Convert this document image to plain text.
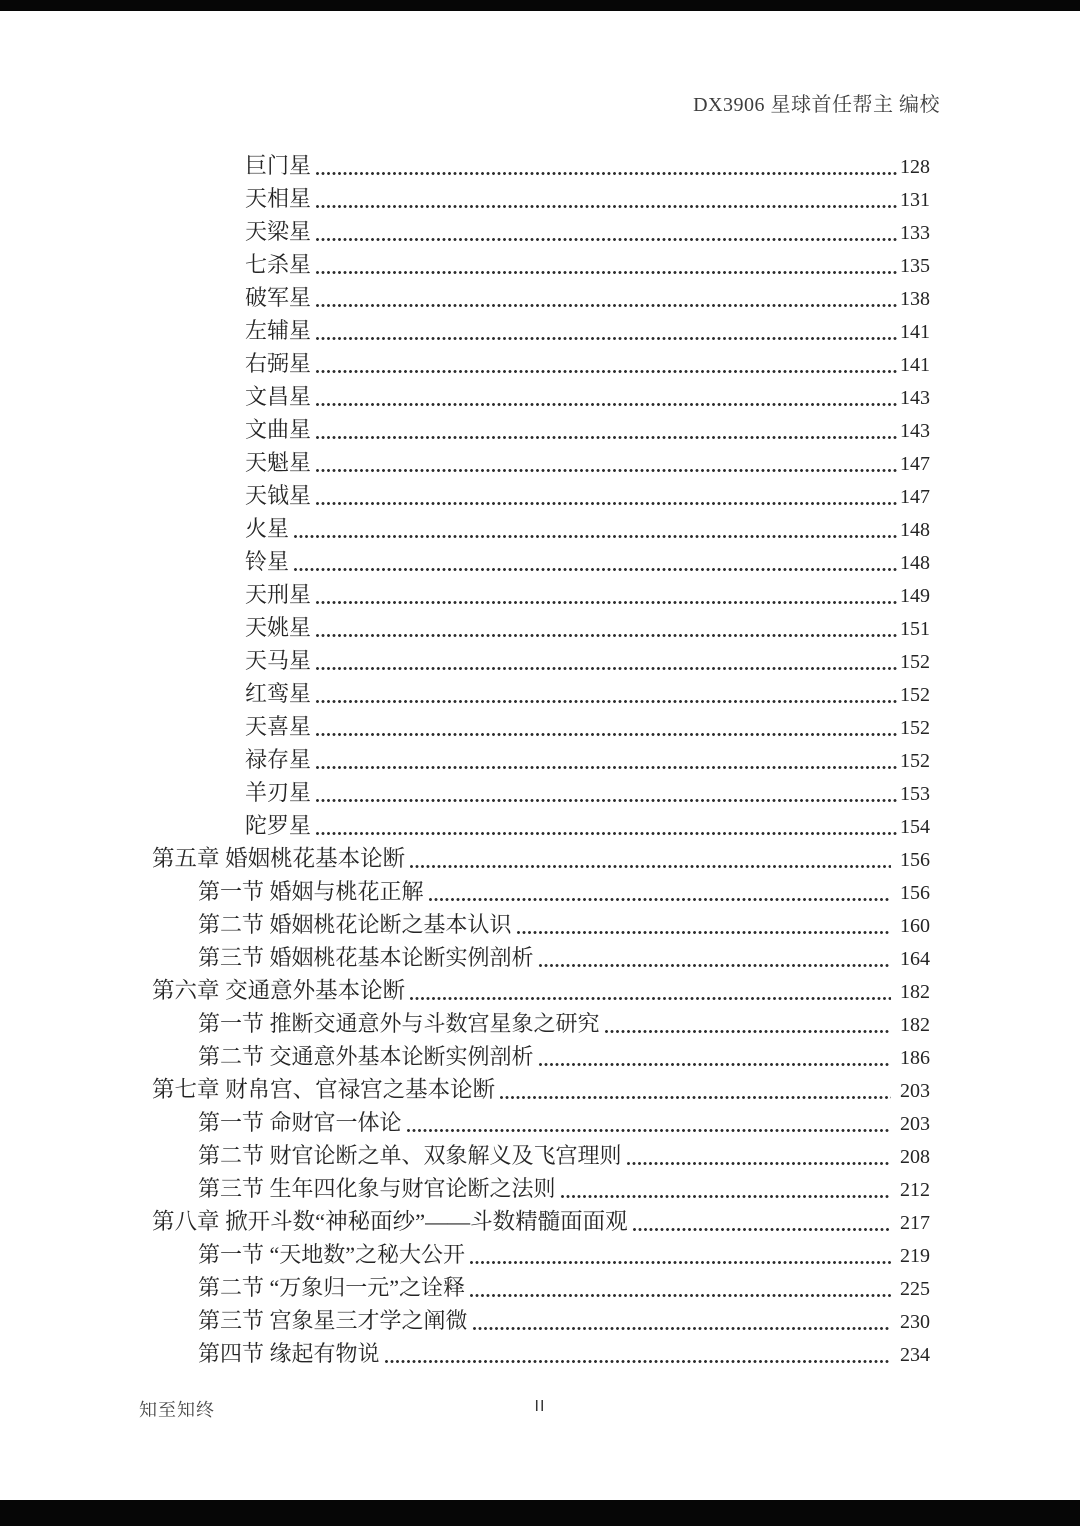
DX3906 星球首任帮主 编校
巨门星	128
天相星	131
天梁星	133
七杀星	135
破军星	138
左辅星	141
右弼星	141
文昌星	143
文曲星	143
天魁星	147
天钺星	147
火星	148
铃星	148
天刑星	149
天姚星	151
天马星	152
红鸾星	152
天喜星	152
禄存星	152
羊刃星	153
陀罗星	154
第五章 婚姻桃花基本论断	156
第一节 婚姻与桃花正解	156
第二节 婚姻桃花论断之基本认识	160
第三节 婚姻桃花基本论断实例剖析	164
第六章 交通意外基本论断	182
第一节 推断交通意外与斗数宫星象之研究	182
第二节 交通意外基本论断实例剖析	186
第七章 财帛宫、官禄宫之基本论断	203
第一节 命财官一体论	203
第二节 财官论断之单、双象解义及飞宫理则	208
第三节 生年四化象与财官论断之法则	212
第八章 掀开斗数“神秘面纱”——斗数精髓面面观	217
第一节 “天地数”之秘大公开	219
第二节 “万象归一元”之诠释	225
第三节 宫象星三才学之阐微	230
第四节 缘起有物说	234
知至知终	II
